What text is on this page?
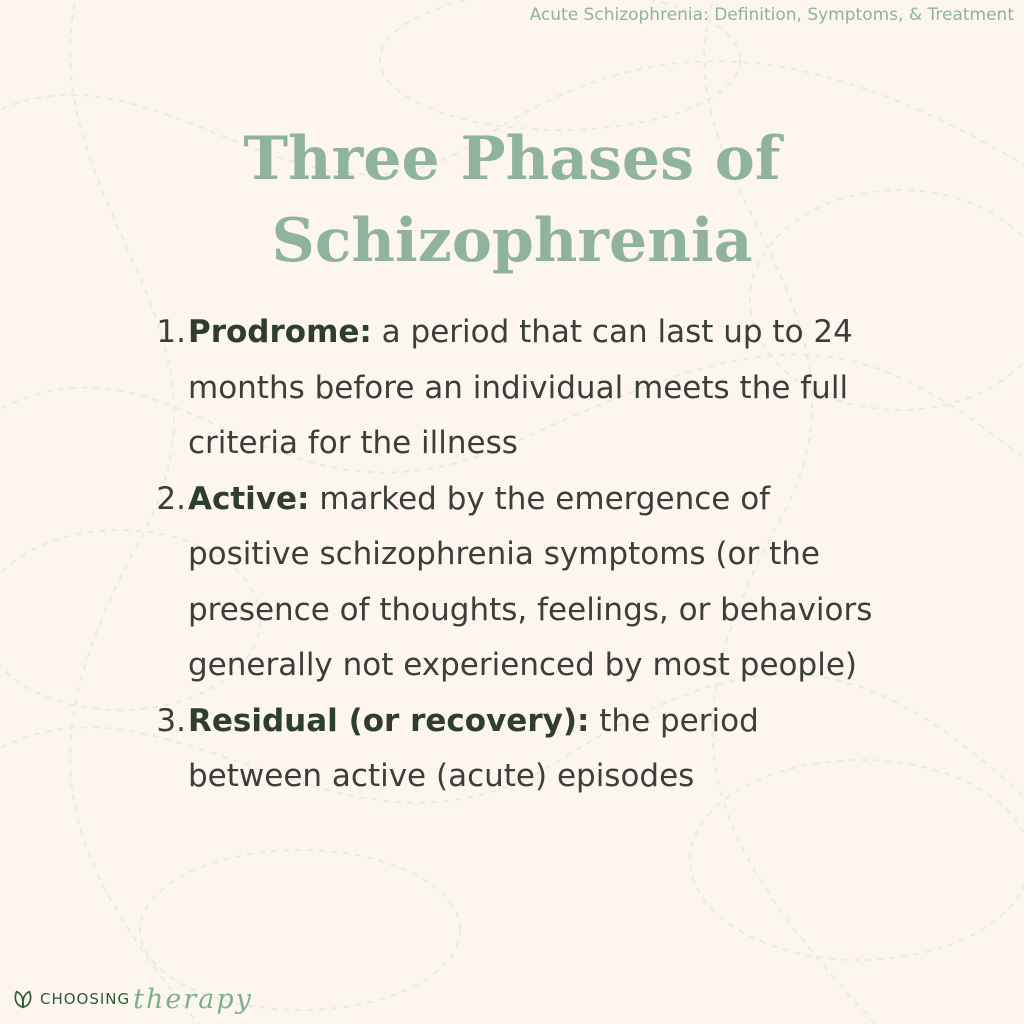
Acute Schizophrenia: Definition, Symptoms, & Treatment
Three Phases of
Schizophrenia
1. Prodrome: a period that can last up to 24 months before an individual meets the full criteria for the illness
2. Active: marked by the emergence of positive schizophrenia symptoms (or the presence of thoughts, feelings, or behaviors generally not experienced by most people)
3. Residual (or recovery): the period between active (acute) episodes
CHOOSING therapy
